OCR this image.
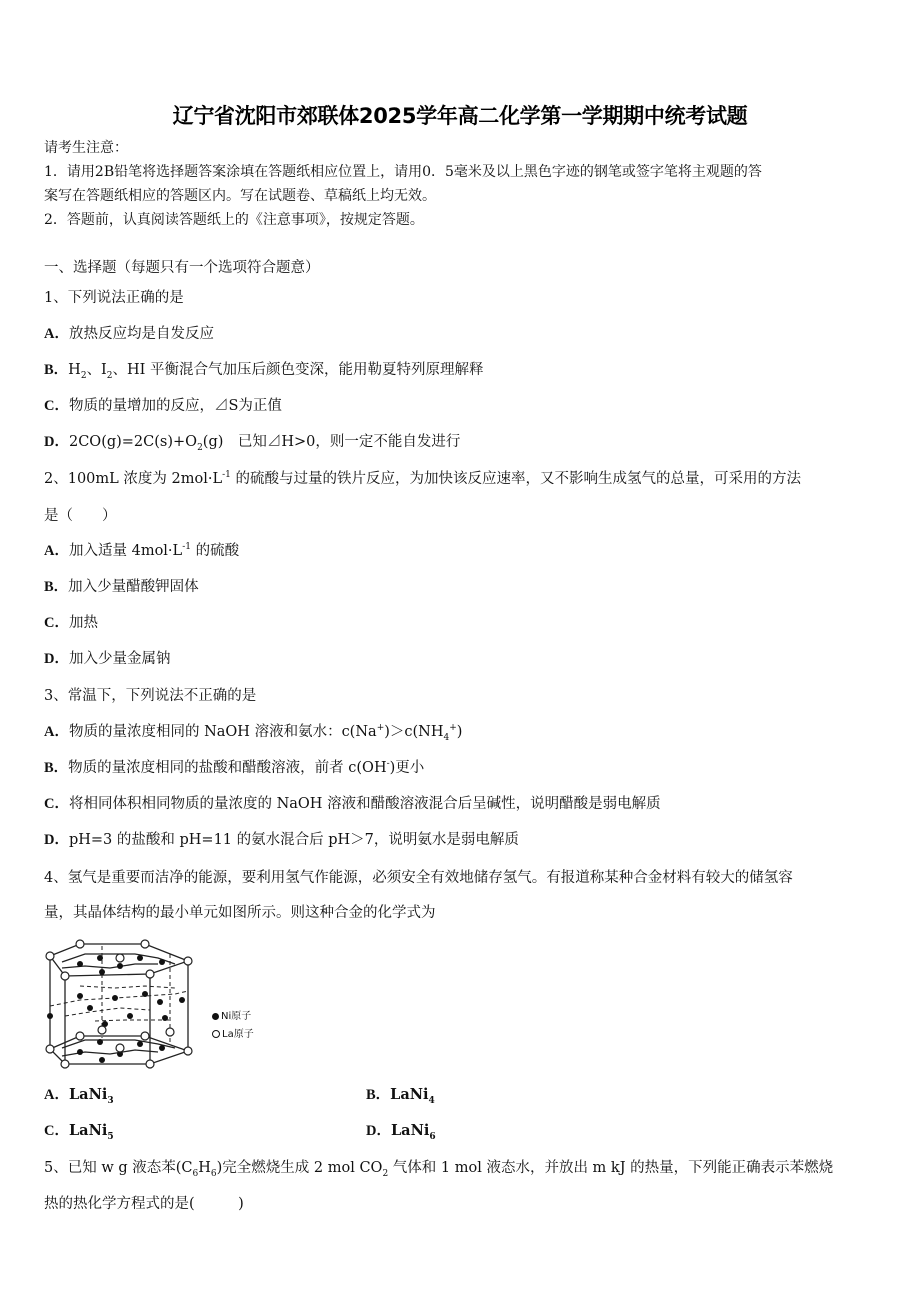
辽宁省沈阳市郊联体2025学年高二化学第一学期期中统考试题
请考生注意：
1．请用2B铅笔将选择题答案涂填在答题纸相应位置上，请用0．5毫米及以上黑色字迹的钢笔或签字笔将主观题的答
案写在答题纸相应的答题区内。写在试题卷、草稿纸上均无效。
2．答题前，认真阅读答题纸上的《注意事项》，按规定答题。
一、选择题（每题只有一个选项符合题意）
1、下列说法正确的是
A．放热反应均是自发反应
B．$H_2$、$I_2$、HI 平衡混合气加压后颜色变深，能用勒夏特列原理解释
C．物质的量增加的反应，⊿S为正值
D．$2CO(g)=2C(s)+O_2(g)$　已知⊿H>0，则一定不能自发进行
2、100mL 浓度为 $2mol\cdot L^{-1}$ 的硫酸与过量的铁片反应，为加快该反应速率，又不影响生成氢气的总量，可采用的方法
是（　　）
A．加入适量 $4mol\cdot L^{-1}$ 的硫酸
B．加入少量醋酸钾固体
C．加热
D．加入少量金属钠
3、常温下，下列说法不正确的是
A．物质的量浓度相同的 NaOH 溶液和氨水：$c(Na^+)>c(NH_4^+)$
B．物质的量浓度相同的盐酸和醋酸溶液，前者 c(OH-)更小
C．将相同体积相同物质的量浓度的 NaOH 溶液和醋酸溶液混合后呈碱性，说明醋酸是弱电解质
D．pH=3 的盐酸和 pH=11 的氨水混合后 pH＞7，说明氨水是弱电解质
4、氢气是重要而洁净的能源，要利用氢气作能源，必须安全有效地储存氢气。有报道称某种合金材料有较大的储氢容
量，其晶体结构的最小单元如图所示。则这种合金的化学式为
Ni原子
La原子
A．LaNi$_3$	B．LaNi$_4$
C．LaNi$_5$	D．LaNi$_6$
5、已知 w g 液态苯$(C_6H_6)$完全燃烧生成 2 mol $CO_2$ 气体和 1 mol 液态水，并放出 m kJ 的热量，下列能正确表示苯燃烧
热的热化学方程式的是(　　　)
